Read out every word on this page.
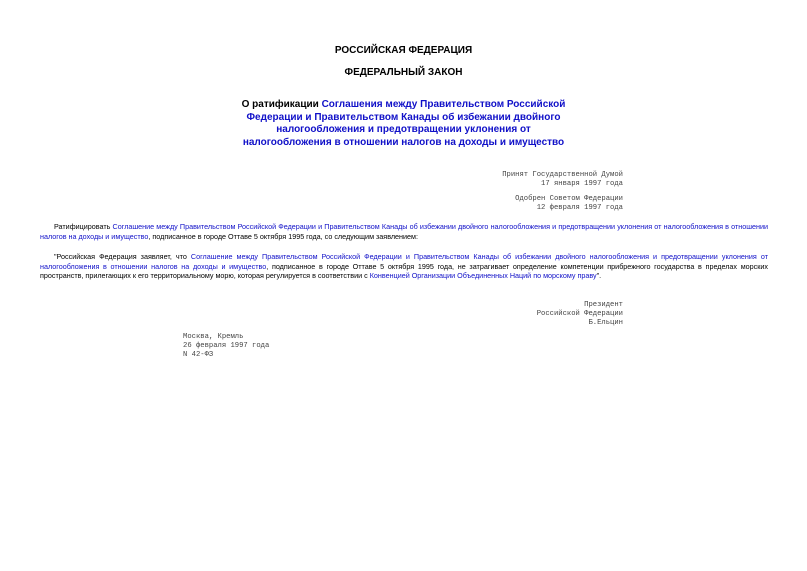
РОССИЙСКАЯ ФЕДЕРАЦИЯ
ФЕДЕРАЛЬНЫЙ ЗАКОН
О ратификации Соглашения между Правительством Российской Федерации и Правительством Канады об избежании двойного налогообложения и предотвращении уклонения от налогообложения в отношении налогов на доходы и имущество
Принят Государственной Думой
17 января 1997 года
Одобрен Советом Федерации
12 февраля 1997 года
Ратифицировать Соглашение между Правительством Российской Федерации и Правительством Канады об избежании двойного налогообложения и предотвращении уклонения от налогообложения в отношении налогов на доходы и имущество, подписанное в городе Оттаве 5 октября 1995 года, со следующим заявлением:
"Российская Федерация заявляет, что Соглашение между Правительством Российской Федерации и Правительством Канады об избежании двойного налогообложения и предотвращении уклонения от налогообложения в отношении налогов на доходы и имущество, подписанное в городе Оттаве 5 октября 1995 года, не затрагивает определение компетенции прибрежного государства в пределах морских пространств, прилегающих к его территориальному морю, которая регулируется в соответствии с Конвенцией Организации Объединенных Наций по морскому праву".
Президент
Российской Федерации
Б.Ельцин
Москва, Кремль
26 февраля 1997 года
N 42-ФЗ
